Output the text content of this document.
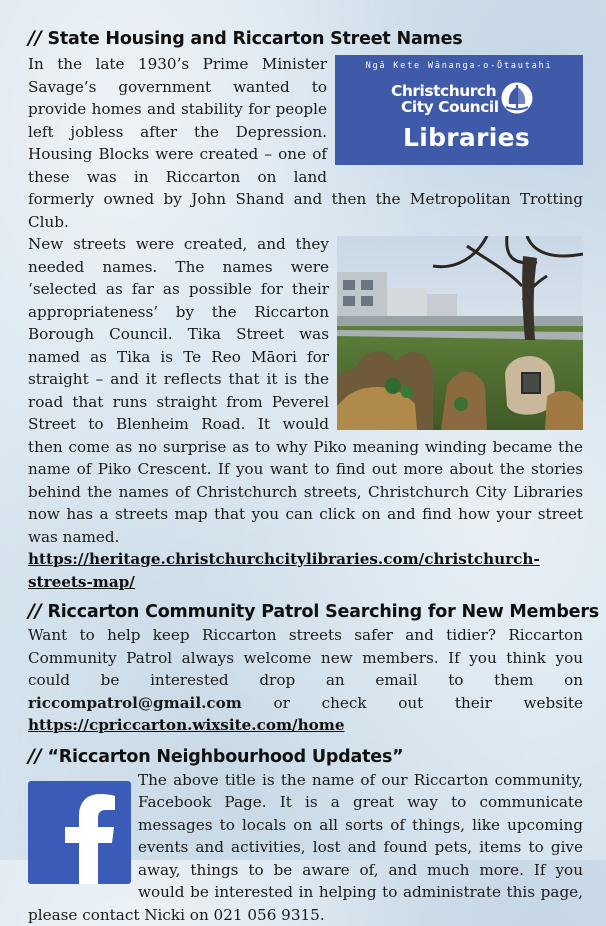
// State Housing and Riccarton Street Names
Ngā Kete Wānanga-o-Ōtautahi
Christchurch
City Council
Libraries

In the late 1930’s Prime Minister Savage’s government wanted to provide homes and stability for people left jobless after the Depression. Housing Blocks were created – one of these was in Riccarton on land formerly owned by John Shand and then the Metropolitan Trotting Club.

New streets were created, and they needed names. The names were ‘selected as far as possible for their appropriateness’ by the Riccarton Borough Council. Tika Street was named as Tika is Te Reo Māori for straight – and it reflects that it is the road that runs straight from Peverel Street to Blenheim Road. It would then come as no surprise as to why Piko meaning winding became the name of Piko Crescent. If you want to find out more about the stories behind the names of Christchurch streets, Christchurch City Libraries now has a streets map that you can click on and find how your street was named.

https://heritage.christchurchcitylibraries.com/christchurch-streets-map/

// Riccarton Community Patrol Searching for New Members

Want to help keep Riccarton streets safer and tidier? Riccarton Community Patrol always welcome new members. If you think you could be interested drop an email to them on riccompatrol@gmail.com or check out their website https://cpriccarton.wixsite.com/home

// “Riccarton Neighbourhood Updates”

The above title is the name of our Riccarton community, Facebook Page. It is a great way to communicate messages to locals on all sorts of things, like upcoming events and activities, lost and found pets, items to give away, things to be aware of, and much more. If you would be interested in helping to administrate this page, please contact Nicki on 021 056 9315.
